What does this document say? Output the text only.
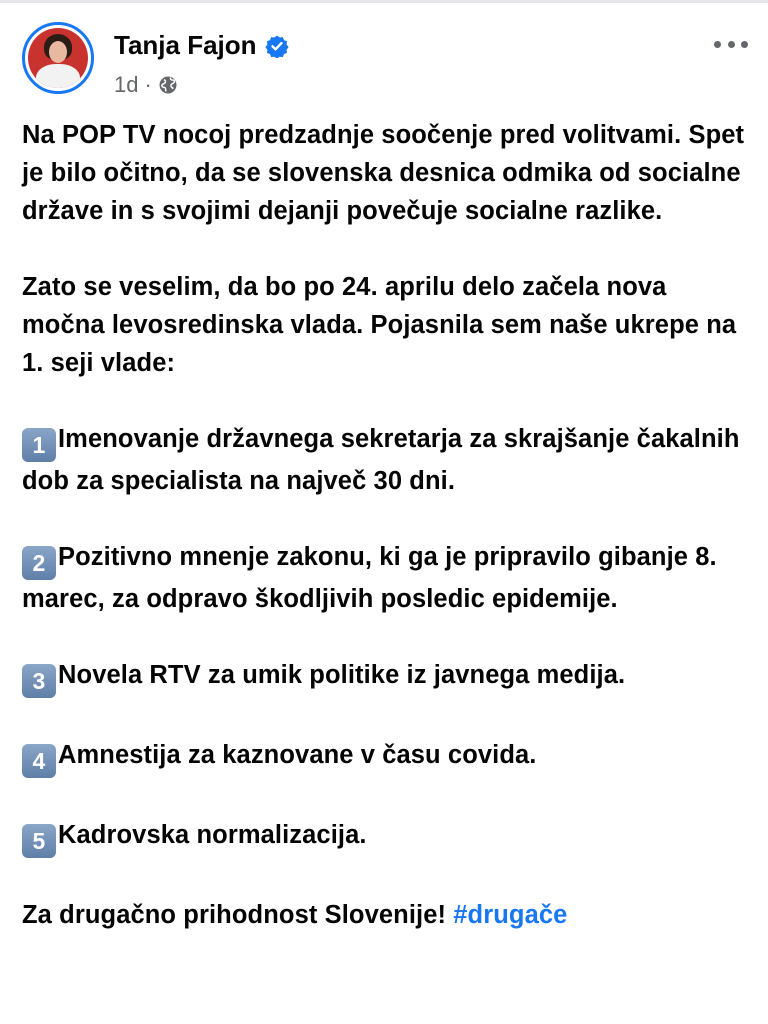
Tanja Fajon
1d ·

Na POP TV nocoj predzadnje soočenje pred volitvami. Spet je bilo očitno, da se slovenska desnica odmika od socialne države in s svojimi dejanji povečuje socialne razlike.

Zato se veselim, da bo po 24. aprilu delo začela nova močna levosredinska vlada. Pojasnila sem naše ukrepe na 1. seji vlade:

1 Imenovanje državnega sekretarja za skrajšanje čakalnih dob za specialista na največ 30 dni.

2 Pozitivno mnenje zakonu, ki ga je pripravilo gibanje 8. marec, za odpravo škodljivih posledic epidemije.

3 Novela RTV za umik politike iz javnega medija.

4 Amnestija za kaznovane v času covida.

5 Kadrovska normalizacija.

Za drugačno prihodnost Slovenije! #drugače
